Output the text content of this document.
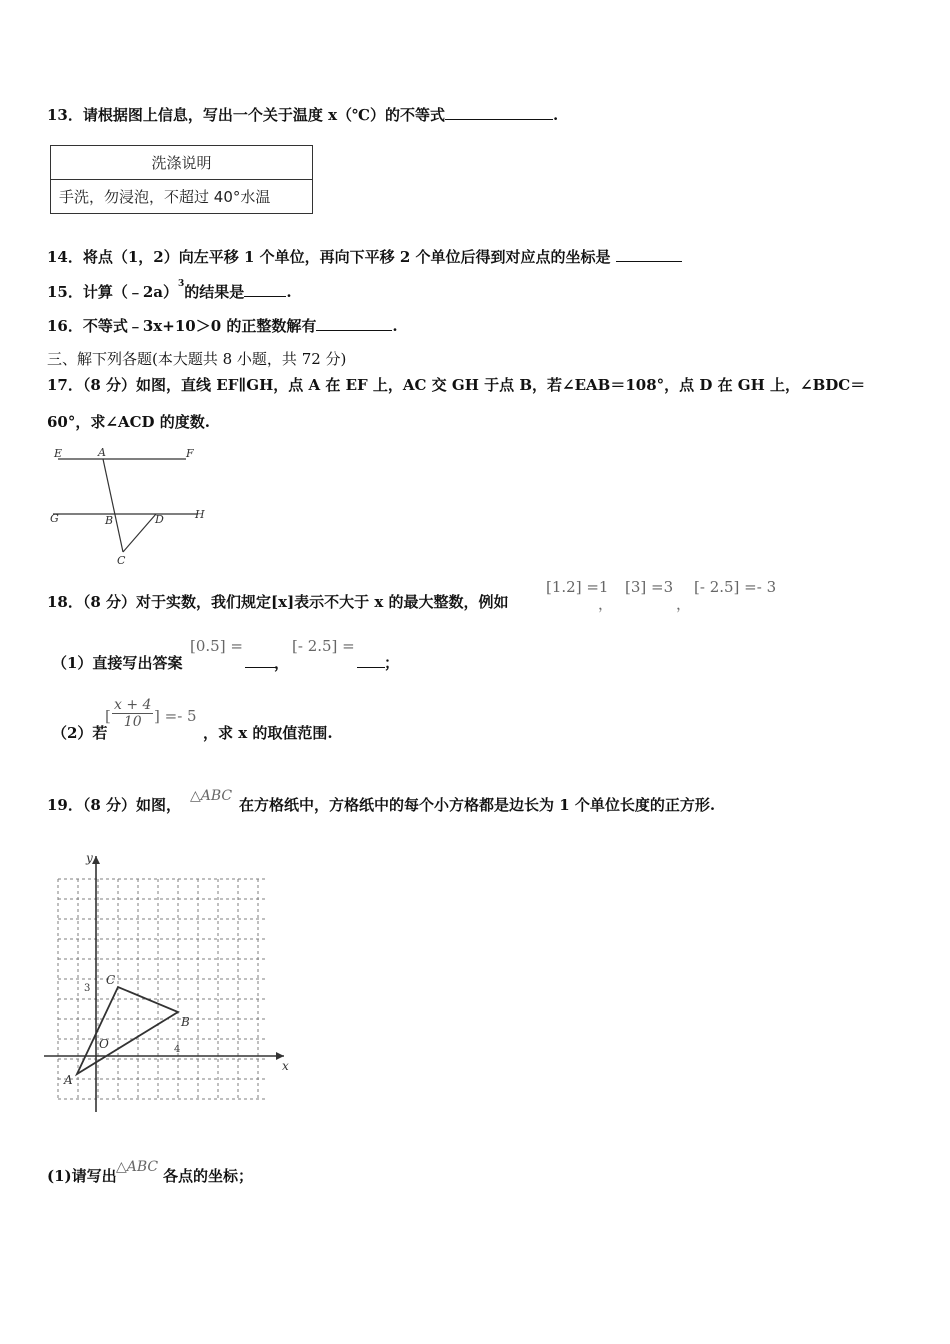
13．请根据图上信息，写出一个关于温度 x（℃）的不等式	.
洗涤说明
手洗，勿浸泡，不超过 40°水温
14．将点（1，2）向左平移 1 个单位，再向下平移 2 个单位后得到对应点的坐标是
15．计算（﹣2a）$^3$的结果是	.
16．不等式﹣3x+10＞0 的正整数解有	.
三、解下列各题(本大题共 8 小题，共 72 分)
17．（8 分）如图，直线 EF∥GH，点 A 在 EF 上，AC 交 GH 于点 B，若∠EAB＝108°，点 D 在 GH 上，∠BDC＝
60°，求∠ACD 的度数.
E	A	F
G	B	D	H
C
18．（8 分）对于实数，我们规定[x]表示不大于 x 的最大整数，例如
[1.2] =1
，
[3] =3
，
[- 2.5] =- 3
（1）直接写出答案
[0.5] =
，
[- 2.5] =
；
（2）若
[ $\frac{x + 4}{10}$ ] =- 5
，求 x 的取值范围.
19．（8 分）如图， △ABC 在方格纸中，方格纸中的每个小方格都是边长为 1 个单位长度的正方形.
y
x
C
B
O
A
3
4
(1)请写出 △ABC 各点的坐标；
